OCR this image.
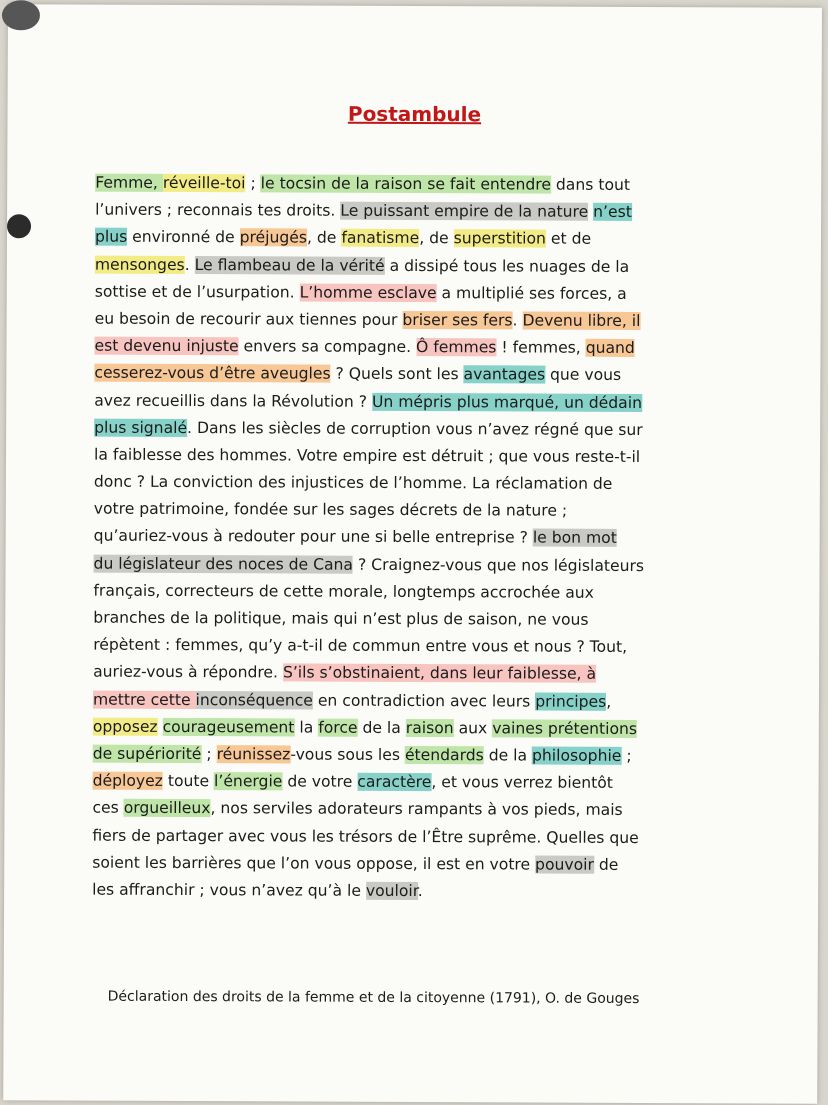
Postambule
Femme, réveille-toi ; le tocsin de la raison se fait entendre dans tout
l’univers ; reconnais tes droits. Le puissant empire de la nature n’est
plus environné de préjugés, de fanatisme, de superstition et de
mensonges. Le flambeau de la vérité a dissipé tous les nuages de la
sottise et de l’usurpation. L’homme esclave a multiplié ses forces, a
eu besoin de recourir aux tiennes pour briser ses fers. Devenu libre, il
est devenu injuste envers sa compagne. Ô femmes ! femmes, quand
cesserez-vous d’être aveugles ? Quels sont les avantages que vous
avez recueillis dans la Révolution ? Un mépris plus marqué, un dédain
plus signalé. Dans les siècles de corruption vous n’avez régné que sur
la faiblesse des hommes. Votre empire est détruit ; que vous reste-t-il
donc ? La conviction des injustices de l’homme. La réclamation de
votre patrimoine, fondée sur les sages décrets de la nature ;
qu’auriez-vous à redouter pour une si belle entreprise ? le bon mot
du législateur des noces de Cana ? Craignez-vous que nos législateurs
français, correcteurs de cette morale, longtemps accrochée aux
branches de la politique, mais qui n’est plus de saison, ne vous
répètent : femmes, qu’y a-t-il de commun entre vous et nous ? Tout,
auriez-vous à répondre. S’ils s’obstinaient, dans leur faiblesse, à
mettre cette inconséquence en contradiction avec leurs principes,
opposez courageusement la force de la raison aux vaines prétentions
de supériorité ; réunissez-vous sous les étendards de la philosophie ;
déployez toute l’énergie de votre caractère, et vous verrez bientôt
ces orgueilleux, nos serviles adorateurs rampants à vos pieds, mais
fiers de partager avec vous les trésors de l’Être suprême. Quelles que
soient les barrières que l’on vous oppose, il est en votre pouvoir de
les affranchir ; vous n’avez qu’à le vouloir.
Déclaration des droits de la femme et de la citoyenne (1791), O. de Gouges
